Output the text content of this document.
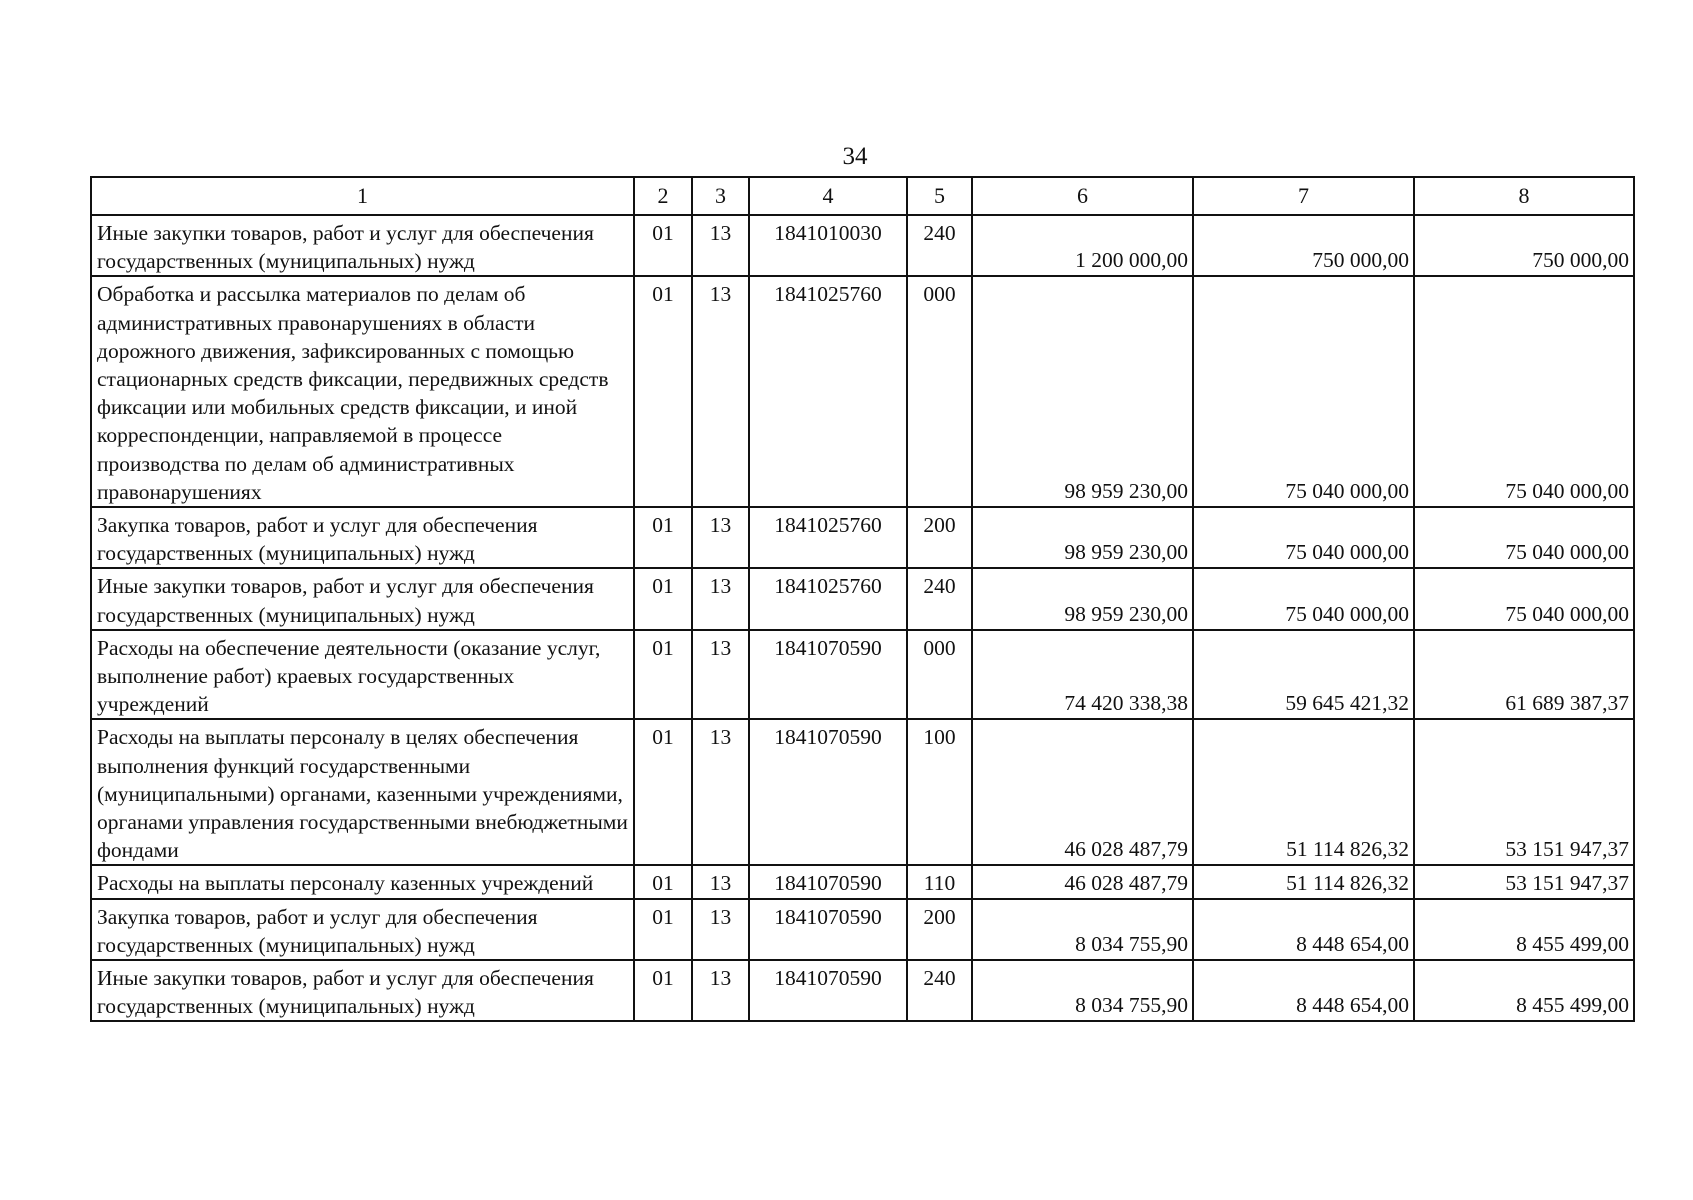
34
1	2	3	4	5	6	7	8
Иные закупки товаров, работ и услуг для обеспечения государственных (муниципальных) нужд	01	13	1841010030	240	1 200 000,00	750 000,00	750 000,00
Обработка и рассылка материалов по делам об административных правонарушениях в области дорожного движения, зафиксированных с помощью стационарных средств фиксации, передвижных средств фиксации или мобильных средств фиксации, и иной корреспонденции, направляемой в процессе производства по делам об административных правонарушениях	01	13	1841025760	000	98 959 230,00	75 040 000,00	75 040 000,00
Закупка товаров, работ и услуг для обеспечения государственных (муниципальных) нужд	01	13	1841025760	200	98 959 230,00	75 040 000,00	75 040 000,00
Иные закупки товаров, работ и услуг для обеспечения государственных (муниципальных) нужд	01	13	1841025760	240	98 959 230,00	75 040 000,00	75 040 000,00
Расходы на обеспечение деятельности (оказание услуг, выполнение работ) краевых государственных учреждений	01	13	1841070590	000	74 420 338,38	59 645 421,32	61 689 387,37
Расходы на выплаты персоналу в целях обеспечения выполнения функций государственными (муниципальными) органами, казенными учреждениями, органами управления государственными внебюджетными фондами	01	13	1841070590	100	46 028 487,79	51 114 826,32	53 151 947,37
Расходы на выплаты персоналу казенных учреждений	01	13	1841070590	110	46 028 487,79	51 114 826,32	53 151 947,37
Закупка товаров, работ и услуг для обеспечения государственных (муниципальных) нужд	01	13	1841070590	200	8 034 755,90	8 448 654,00	8 455 499,00
Иные закупки товаров, работ и услуг для обеспечения государственных (муниципальных) нужд	01	13	1841070590	240	8 034 755,90	8 448 654,00	8 455 499,00
